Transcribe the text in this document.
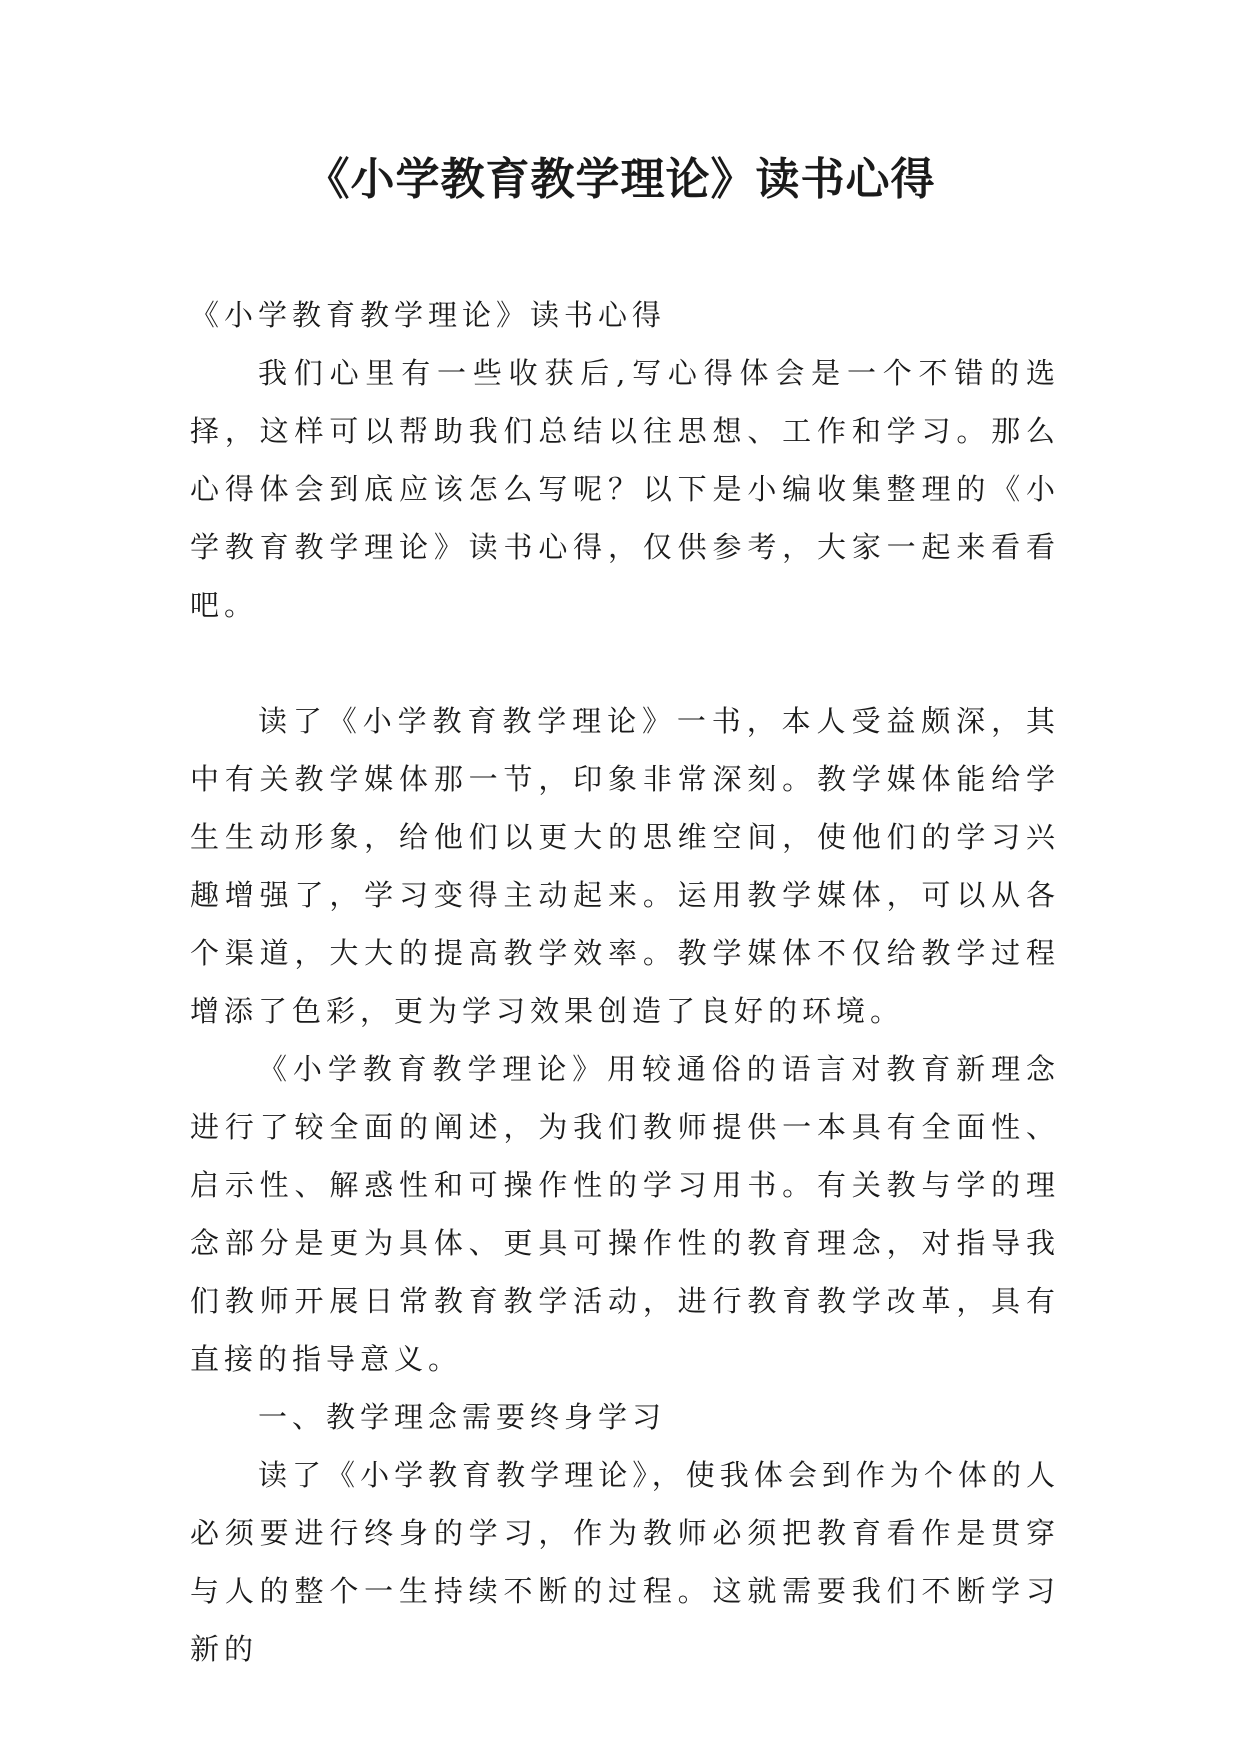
《小学教育教学理论》读书心得

《小学教育教学理论》读书心得

我们心里有一些收获后,写心得体会是一个不错的选择，这样可以帮助我们总结以往思想、工作和学习。那么心得体会到底应该怎么写呢？以下是小编收集整理的《小学教育教学理论》读书心得，仅供参考，大家一起来看看吧。

读了《小学教育教学理论》一书，本人受益颇深，其中有关教学媒体那一节，印象非常深刻。教学媒体能给学生生动形象，给他们以更大的思维空间，使他们的学习兴趣增强了，学习变得主动起来。运用教学媒体，可以从各个渠道，大大的提高教学效率。教学媒体不仅给教学过程增添了色彩，更为学习效果创造了良好的环境。

《小学教育教学理论》用较通俗的语言对教育新理念进行了较全面的阐述，为我们教师提供一本具有全面性、启示性、解惑性和可操作性的学习用书。有关教与学的理念部分是更为具体、更具可操作性的教育理念，对指导我们教师开展日常教育教学活动，进行教育教学改革，具有直接的指导意义。

一、教学理念需要终身学习

读了《小学教育教学理论》，使我体会到作为个体的人必须要进行终身的学习，作为教师必须把教育看作是贯穿与人的整个一生持续不断的过程。这就需要我们不断学习新的
